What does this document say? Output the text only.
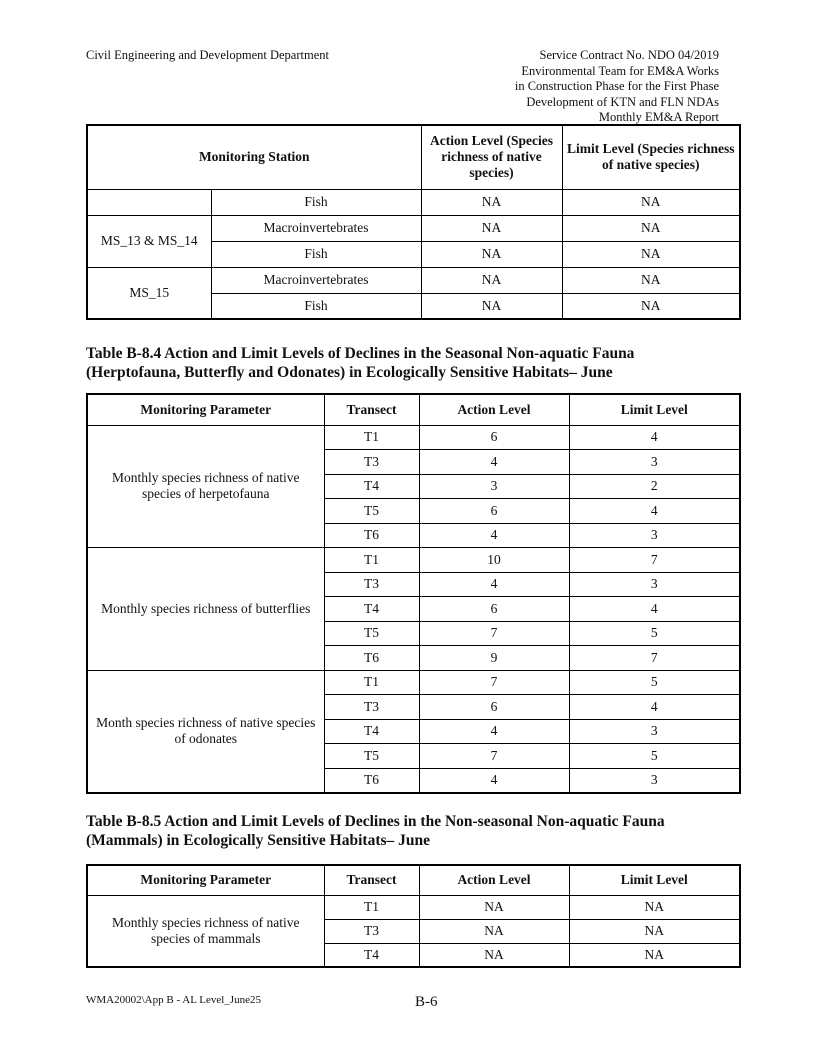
Civil Engineering and Development Department	Service Contract No. NDO 04/2019
Environmental Team for EM&A Works
in Construction Phase for the First Phase
Development of KTN and FLN NDAs
Monthly EM&A Report
Monitoring Station		Action Level (Species richness of native species)	Limit Level (Species richness of native species)
	Fish	NA	NA
MS_13 & MS_14	Macroinvertebrates	NA	NA
	Fish	NA	NA
MS_15	Macroinvertebrates	NA	NA
	Fish	NA	NA
Table B-8.4 Action and Limit Levels of Declines in the Seasonal Non-aquatic Fauna
(Herptofauna, Butterfly and Odonates) in Ecologically Sensitive Habitats– June
Monitoring Parameter	Transect	Action Level	Limit Level
Monthly species richness of native species of herpetofauna	T1	6	4
	T3	4	3
	T4	3	2
	T5	6	4
	T6	4	3
Monthly species richness of butterflies	T1	10	7
	T3	4	3
	T4	6	4
	T5	7	5
	T6	9	7
Month species richness of native species of odonates	T1	7	5
	T3	6	4
	T4	4	3
	T5	7	5
	T6	4	3
Table B-8.5 Action and Limit Levels of Declines in the Non-seasonal Non-aquatic Fauna
(Mammals) in Ecologically Sensitive Habitats– June
Monitoring Parameter	Transect	Action Level	Limit Level
Monthly species richness of native species of mammals	T1	NA	NA
	T3	NA	NA
	T4	NA	NA
WMA20002\App B - AL Level_June25	B-6
